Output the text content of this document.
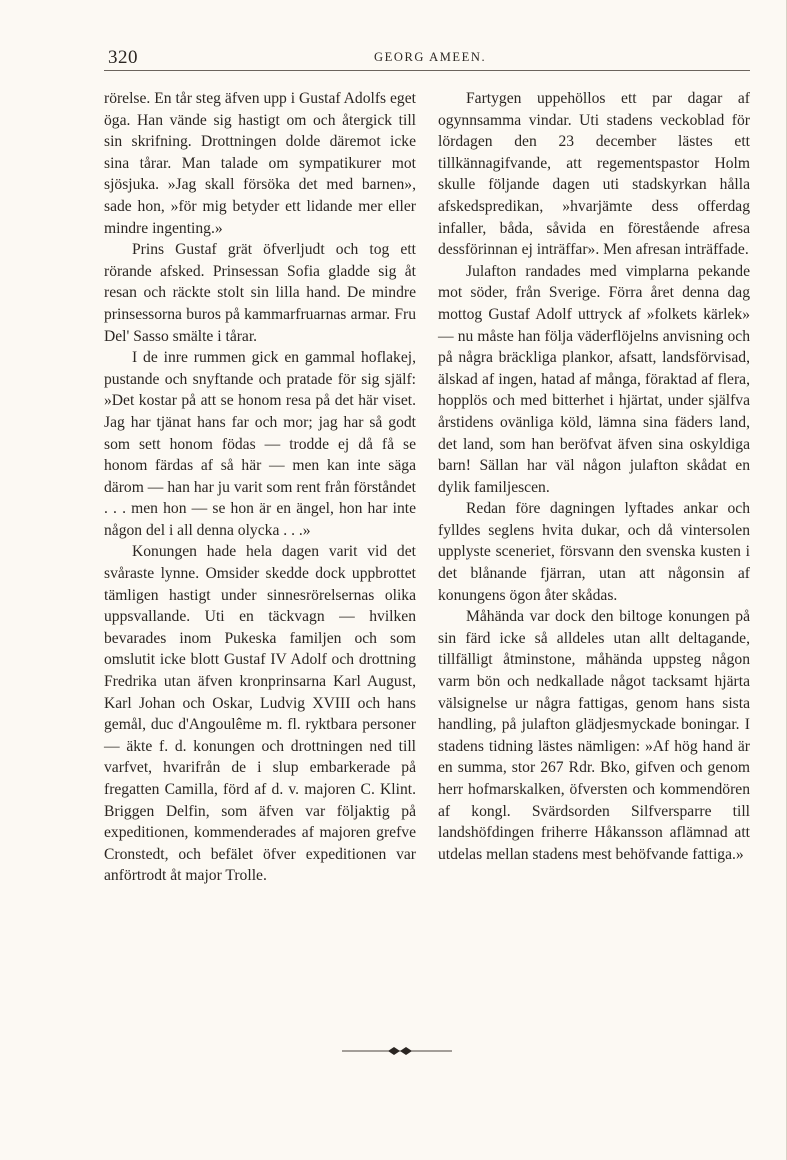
320	GEORG AMEEN.

rörelse. En tår steg äfven upp i Gustaf Adolfs eget öga. Han vände sig hastigt om och återgick till sin skrifning. Drottningen dolde däremot icke sina tårar. Man talade om sympatikurer mot sjösjuka. »Jag skall försöka det med barnen», sade hon, »för mig betyder ett lidande mer eller mindre ingenting.»

Prins Gustaf grät öfverljudt och tog ett rörande afsked. Prinsessan Sofia gladde sig åt resan och räckte stolt sin lilla hand. De mindre prinsessorna buros på kammarfruarnas armar. Fru Del' Sasso smälte i tårar.

I de inre rummen gick en gammal hoflakej, pustande och snyftande och pratade för sig själf: »Det kostar på att se honom resa på det här viset. Jag har tjänat hans far och mor; jag har så godt som sett honom födas — trodde ej då få se honom färdas af så här — men kan inte säga därom — han har ju varit som rent från förståndet . . . men hon — se hon är en ängel, hon har inte någon del i all denna olycka . . .»

Konungen hade hela dagen varit vid det svåraste lynne. Omsider skedde dock uppbrottet tämligen hastigt under sinnesrörelsernas olika uppsvallande. Uti en täckvagn — hvilken bevarades inom Pukeska familjen och som omslutit icke blott Gustaf IV Adolf och drottning Fredrika utan äfven kronprinsarna Karl August, Karl Johan och Oskar, Ludvig XVIII och hans gemål, duc d'Angoulême m. fl. ryktbara personer — äkte f. d. konungen och drottningen ned till varfvet, hvarifrån de i slup embarkerade på fregatten Camilla, förd af d. v. majoren C. Klint. Briggen Delfin, som äfven var följaktig på expeditionen, kommenderades af majoren grefve Cronstedt, och befälet öfver expeditionen var anförtrodt åt major Trolle.

Fartygen uppehöllos ett par dagar af ogynnsamma vindar. Uti stadens veckoblad för lördagen den 23 december lästes ett tillkännagifvande, att regementspastor Holm skulle följande dagen uti stadskyrkan hålla afskedspredikan, »hvarjämte dess offerdag infaller, båda, såvida en förestående afresa dessförinnan ej inträffar». Men afresan inträffade.

Julafton randades med vimplarna pekande mot söder, från Sverige. Förra året denna dag mottog Gustaf Adolf uttryck af »folkets kärlek» — nu måste han följa väderflöjelns anvisning och på några bräckliga plankor, afsatt, landsförvisad, älskad af ingen, hatad af många, föraktad af flera, hopplös och med bitterhet i hjärtat, under själfva årstidens ovänliga köld, lämna sina fäders land, det land, som han beröfvat äfven sina oskyldiga barn! Sällan har väl någon julafton skådat en dylik familjescen.

Redan före dagningen lyftades ankar och fylldes seglens hvita dukar, och då vintersolen upplyste sceneriet, försvann den svenska kusten i det blånande fjärran, utan att någonsin af konungens ögon åter skådas.

Måhända var dock den biltoge konungen på sin färd icke så alldeles utan allt deltagande, tillfälligt åtminstone, måhända uppsteg någon varm bön och nedkallade något tacksamt hjärta välsignelse ur några fattigas, genom hans sista handling, på julafton glädjesmyckade boningar. I stadens tidning lästes nämligen: »Af hög hand är en summa, stor 267 Rdr. Bko, gifven och genom herr hofmarskalken, öfversten och kommendören af kongl. Svärdsorden Silfversparre till landshöfdingen friherre Håkansson aflämnad att utdelas mellan stadens mest behöfvande fattiga.»
